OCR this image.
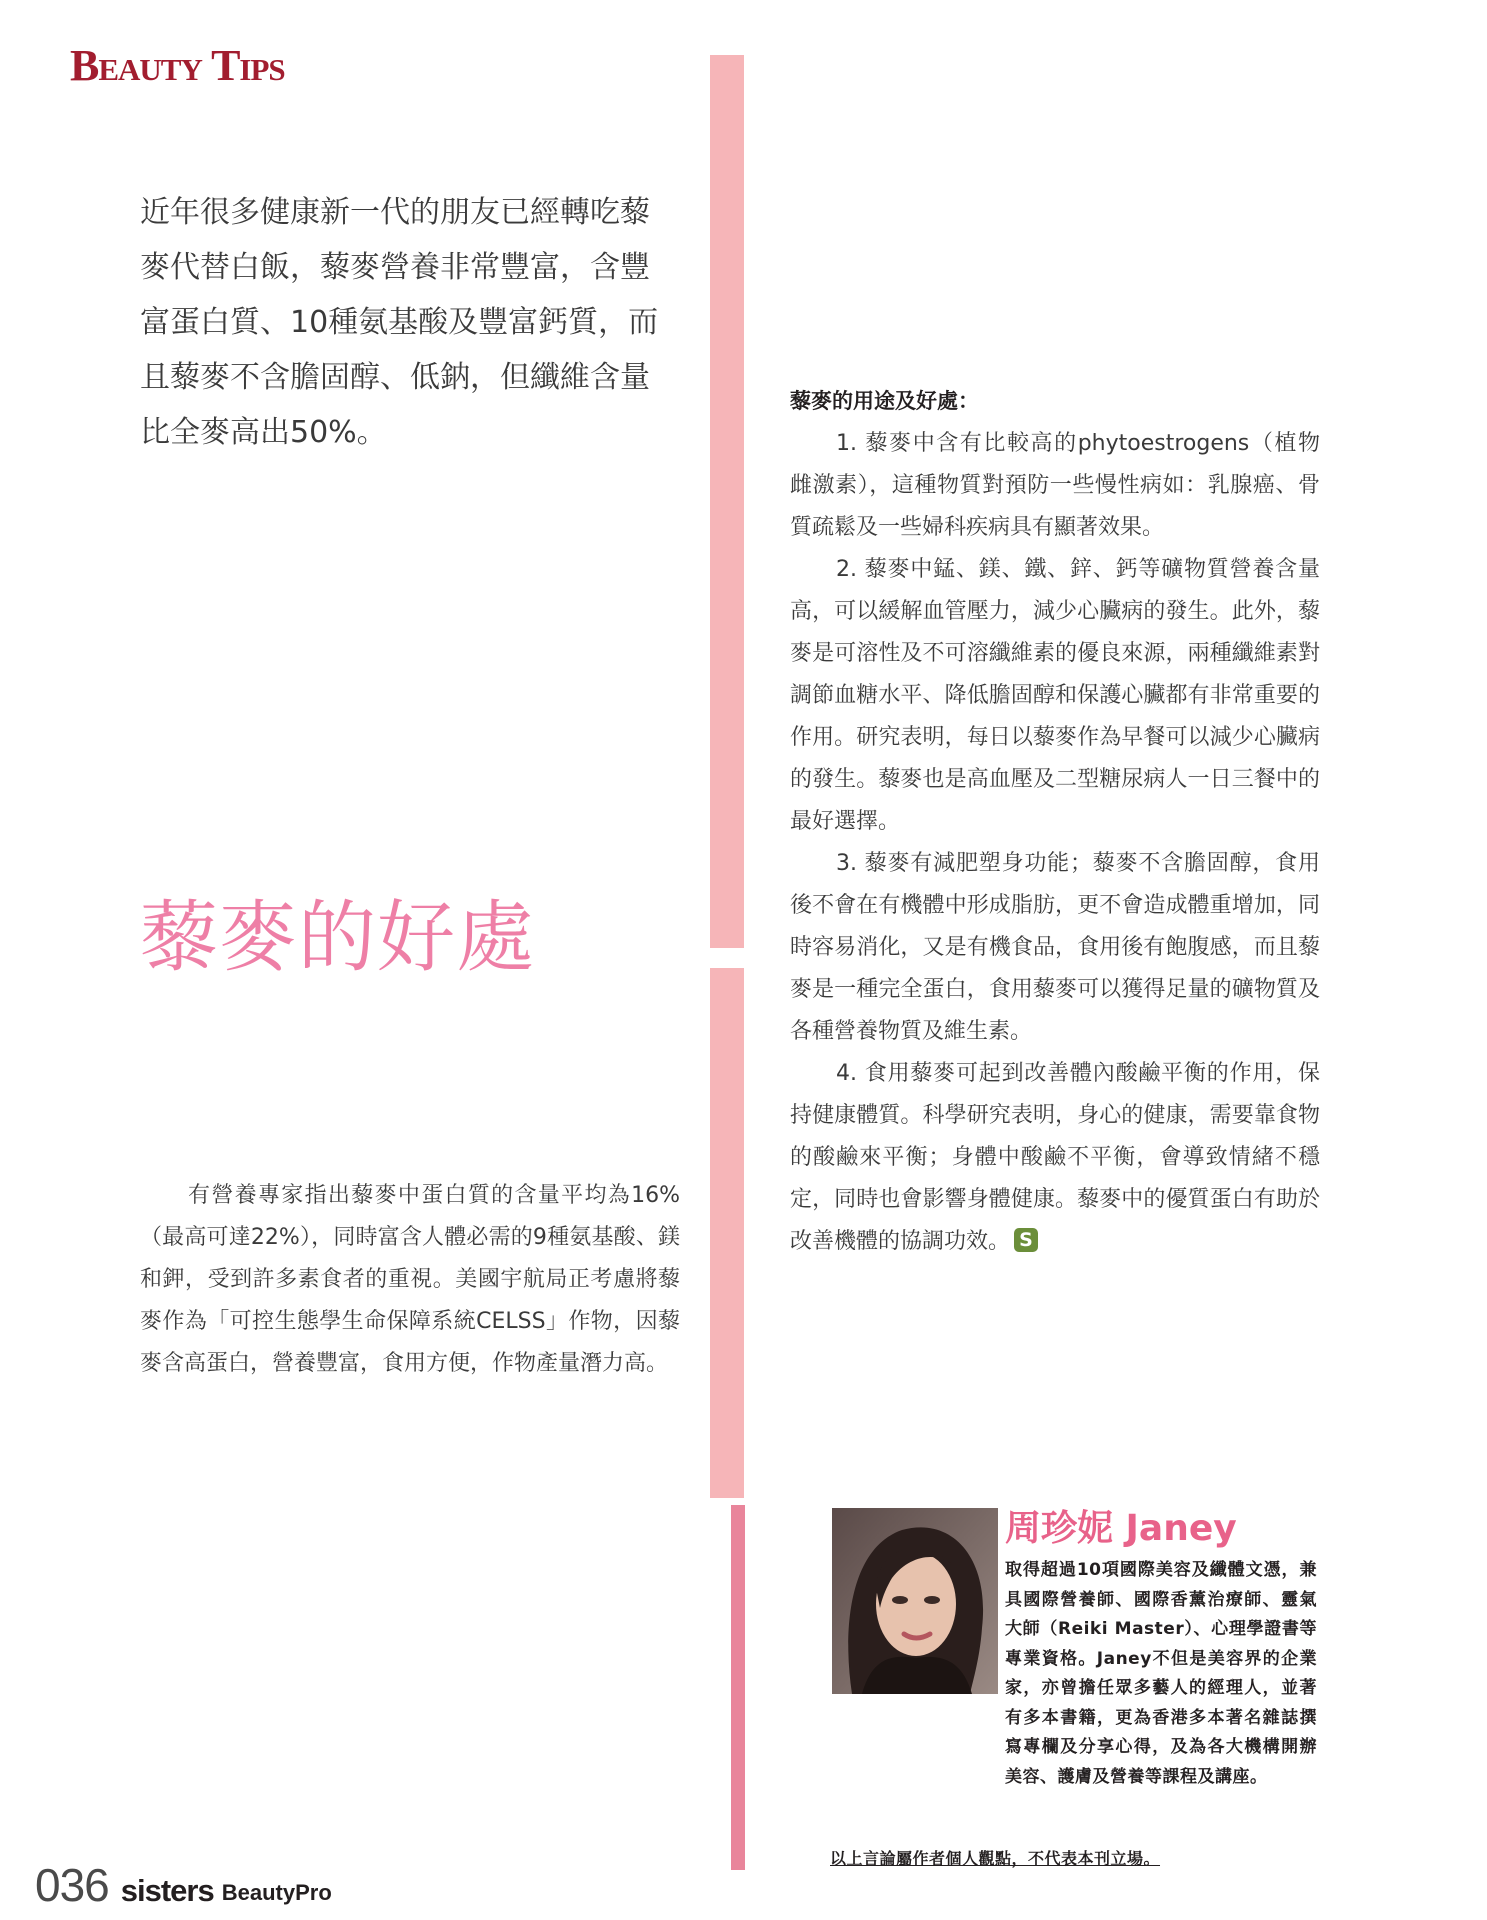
Beauty Tips
近年很多健康新一代的朋友已經轉吃藜
麥代替白飯，藜麥營養非常豐富，含豐
富蛋白質、10種氨基酸及豐富鈣質，而
且藜麥不含膽固醇、低鈉，但纖維含量
比全麥高出50%。
藜麥的好處

有營養專家指出藜麥中蛋白質的含量平均為16%（最高可達22%），同時富含人體必需的9種氨基酸、鎂和鉀，受到許多素食者的重視。美國宇航局正考慮將藜麥作為「可控生態學生命保障系統CELSS」作物，因藜麥含高蛋白，營養豐富，食用方便，作物產量潛力高。

藜麥的用途及好處：

1. 藜麥中含有比較高的phytoestrogens（植物雌激素），這種物質對預防一些慢性病如：乳腺癌、骨質疏鬆及一些婦科疾病具有顯著效果。

2. 藜麥中錳、鎂、鐵、鋅、鈣等礦物質營養含量高，可以緩解血管壓力，減少心臟病的發生。此外，藜麥是可溶性及不可溶纖維素的優良來源，兩種纖維素對調節血糖水平、降低膽固醇和保護心臟都有非常重要的作用。研究表明，每日以藜麥作為早餐可以減少心臟病的發生。藜麥也是高血壓及二型糖尿病人一日三餐中的最好選擇。

3. 藜麥有減肥塑身功能；藜麥不含膽固醇，食用後不會在有機體中形成脂肪，更不會造成體重增加，同時容易消化，又是有機食品，食用後有飽腹感，而且藜麥是一種完全蛋白，食用藜麥可以獲得足量的礦物質及各種營養物質及維生素。

4. 食用藜麥可起到改善體內酸鹼平衡的作用，保持健康體質。科學研究表明，身心的健康，需要靠食物的酸鹼來平衡；身體中酸鹼不平衡，會導致情緒不穩定，同時也會影響身體健康。藜麥中的優質蛋白有助於改善機體的協調功效。 S

周珍妮 Janey

取得超過10項國際美容及纖體文憑，兼具國際營養師、國際香薰治療師、靈氣大師（Reiki Master）、心理學證書等專業資格。Janey不但是美容界的企業家，亦曾擔任眾多藝人的經理人，並著有多本書籍，更為香港多本著名雜誌撰寫專欄及分享心得，及為各大機構開辦美容、護膚及營養等課程及講座。

以上言論屬作者個人觀點，不代表本刊立場。

036 sisters BeautyPro
